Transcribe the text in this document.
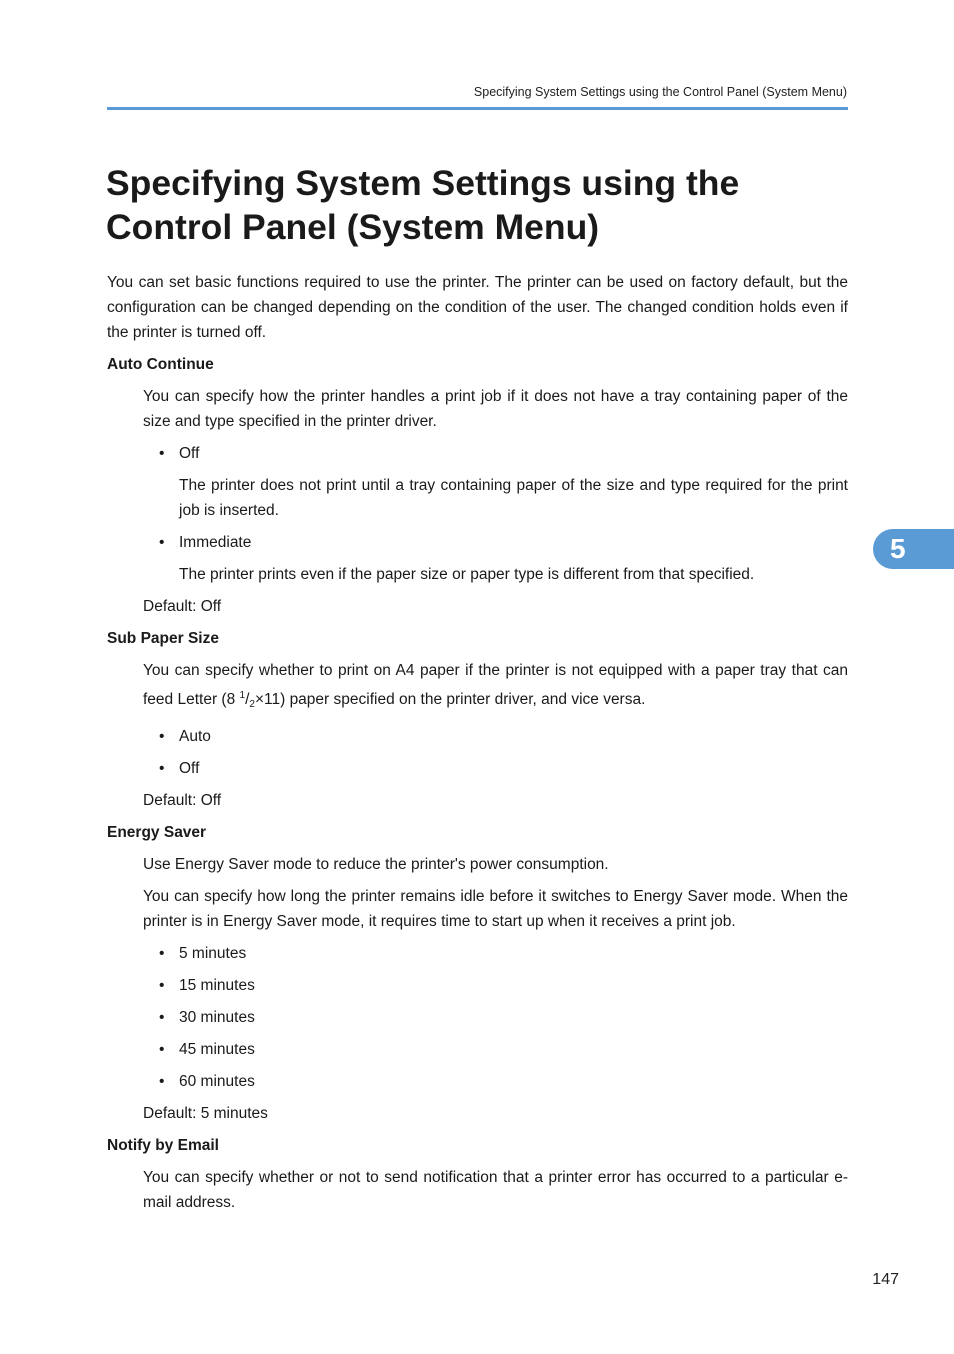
Specifying System Settings using the Control Panel (System Menu)
Specifying System Settings using the Control Panel (System Menu)

You can set basic functions required to use the printer. The printer can be used on factory default, but the configuration can be changed depending on the condition of the user. The changed condition holds even if the printer is turned off.

Auto Continue

You can specify how the printer handles a print job if it does not have a tray containing paper of the size and type specified in the printer driver.

• Off

The printer does not print until a tray containing paper of the size and type required for the print job is inserted.

• Immediate

The printer prints even if the paper size or paper type is different from that specified.

Default: Off

Sub Paper Size

You can specify whether to print on A4 paper if the printer is not equipped with a paper tray that can feed Letter (8 $^1/_2\times 11$) paper specified on the printer driver, and vice versa.

• Auto

• Off

Default: Off

Energy Saver

Use Energy Saver mode to reduce the printer's power consumption.

You can specify how long the printer remains idle before it switches to Energy Saver mode. When the printer is in Energy Saver mode, it requires time to start up when it receives a print job.

• 5 minutes

• 15 minutes

• 30 minutes

• 45 minutes

• 60 minutes

Default: 5 minutes

Notify by Email

You can specify whether or not to send notification that a printer error has occurred to a particular e-mail address.

5
147
